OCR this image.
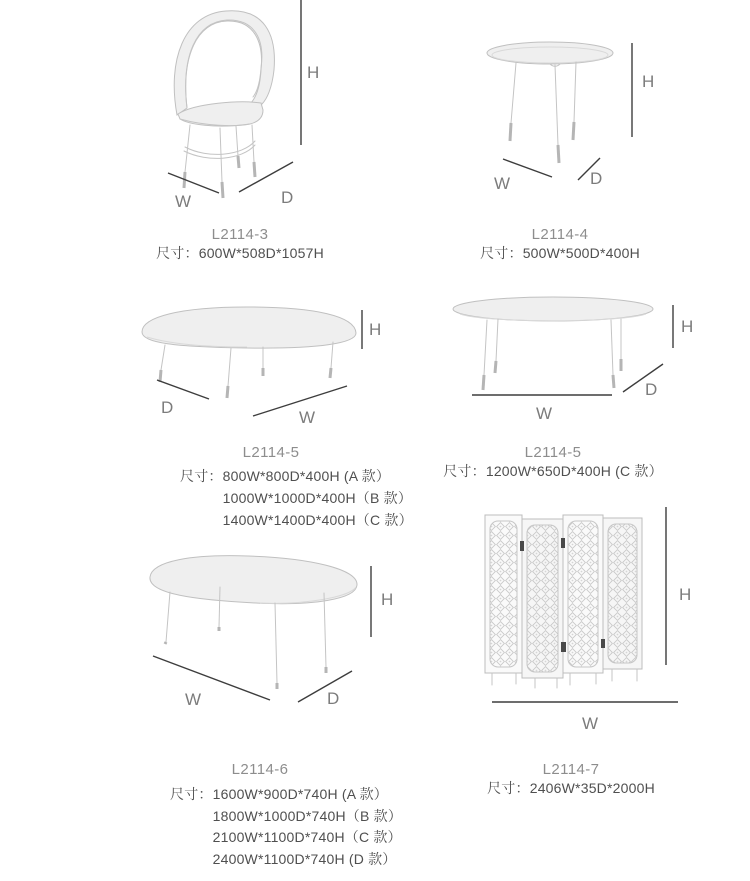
H
W	D
H
W	D
L2114-3
尺寸：600W*508D*1057H
L2114-4
尺寸：500W*500D*400H
H
D
W
H
W
D
L2114-5
尺寸： 800W*800D*400H (A 款）
1000W*1000D*400H（B 款）
1400W*1400D*400H（C 款）
L2114-5
尺寸：1200W*650D*400H (C 款）
H
W	D
H
W
L2114-6
尺寸： 1600W*900D*740H (A 款）
1800W*1000D*740H（B 款）
2100W*1100D*740H（C 款）
2400W*1100D*740H (D 款）
L2114-7
尺寸：2406W*35D*2000H
